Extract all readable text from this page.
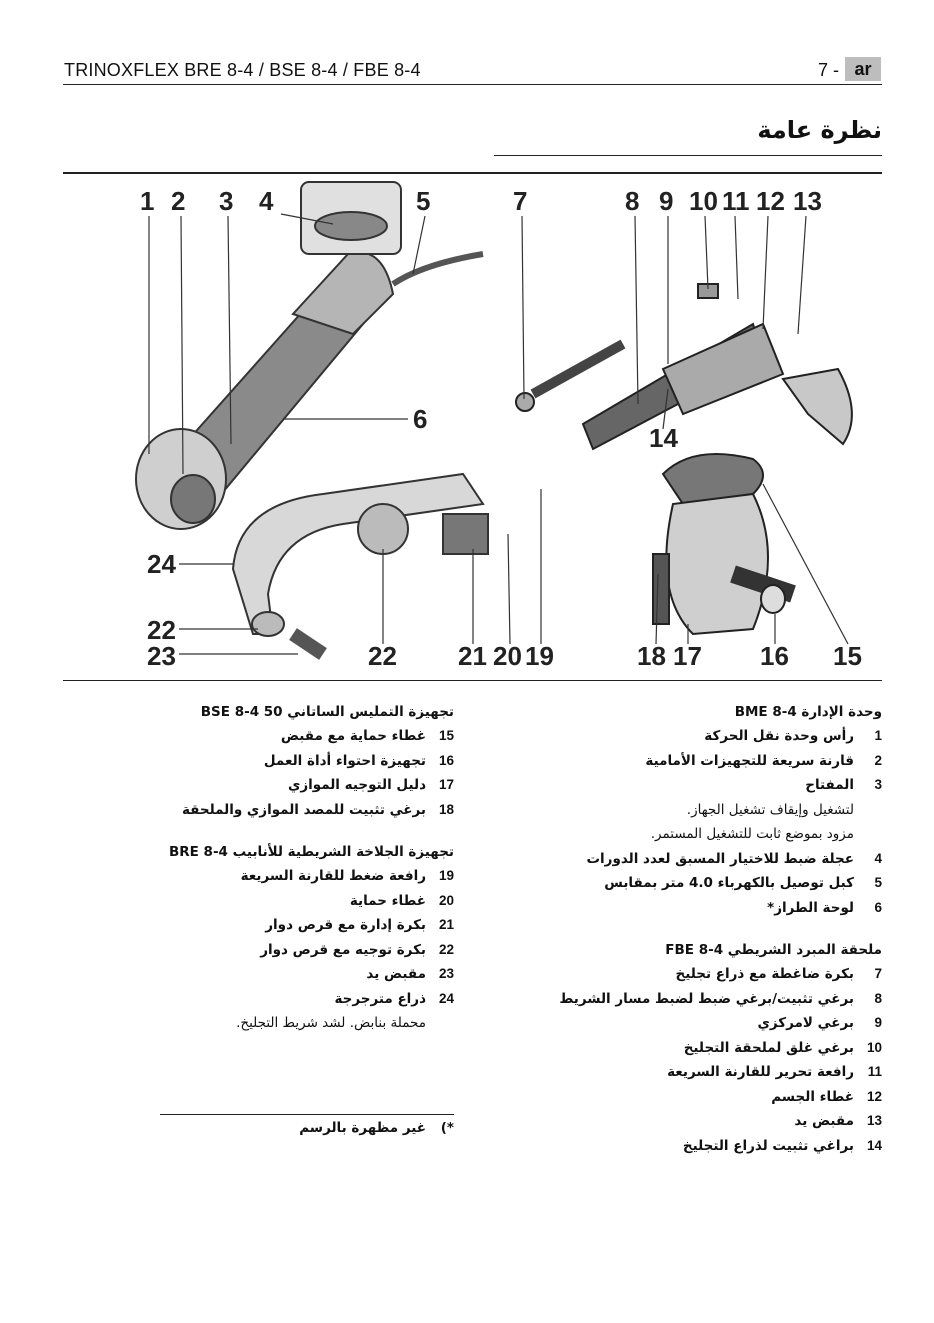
TRINOXFLEX BRE 8-4 / BSE 8-4 / FBE 8-4	7 - ar
نظرة عامة
1 2 3 4	5	7	8 9 10 11 12 13
6
14
24
22
23	22 21 20 19	18 17 16 15
وحدة الإدارة BME 8-4
1رأس وحدة نقل الحركة
2قارنة سريعة للتجهيزات الأمامية
3المفتاح
لتشغيل وإيقاف تشغيل الجهاز.
مزود بموضع ثابت للتشغيل المستمر.
4عجلة ضبط للاختيار المسبق لعدد الدورات
5كبل توصيل بالكهرباء 4.0 متر بمقابس
6لوحة الطراز*
ملحقة المبرد الشريطي FBE 8-4
7بكرة ضاغطة مع ذراع تجليخ
8برغي تثبيت/برغي ضبط لضبط مسار الشريط
9برغي لامركزي
10برغي غلق لملحقة التجليخ
11رافعة تحرير للقارنة السريعة
12غطاء الجسم
13مقبض يد
14براغي تثبيت لذراع التجليخ
تجهيزة التمليس الساتاني BSE 8-4 50
15غطاء حماية مع مقبض
16تجهيزة احتواء أداة العمل
17دليل التوجيه الموازي
18برغي تثبيت للمصد الموازي والملحقة
تجهيزة الجلاخة الشريطية للأنابيب BRE 8-4
19رافعة ضغط للقارنة السريعة
20غطاء حماية
21بكرة إدارة مع قرص دوار
22بكرة توجيه مع قرص دوار
23مقبض يد
24ذراع مترجرجة
محملة بنابض. لشد شريط التجليخ.
*)غير مظهرة بالرسم
